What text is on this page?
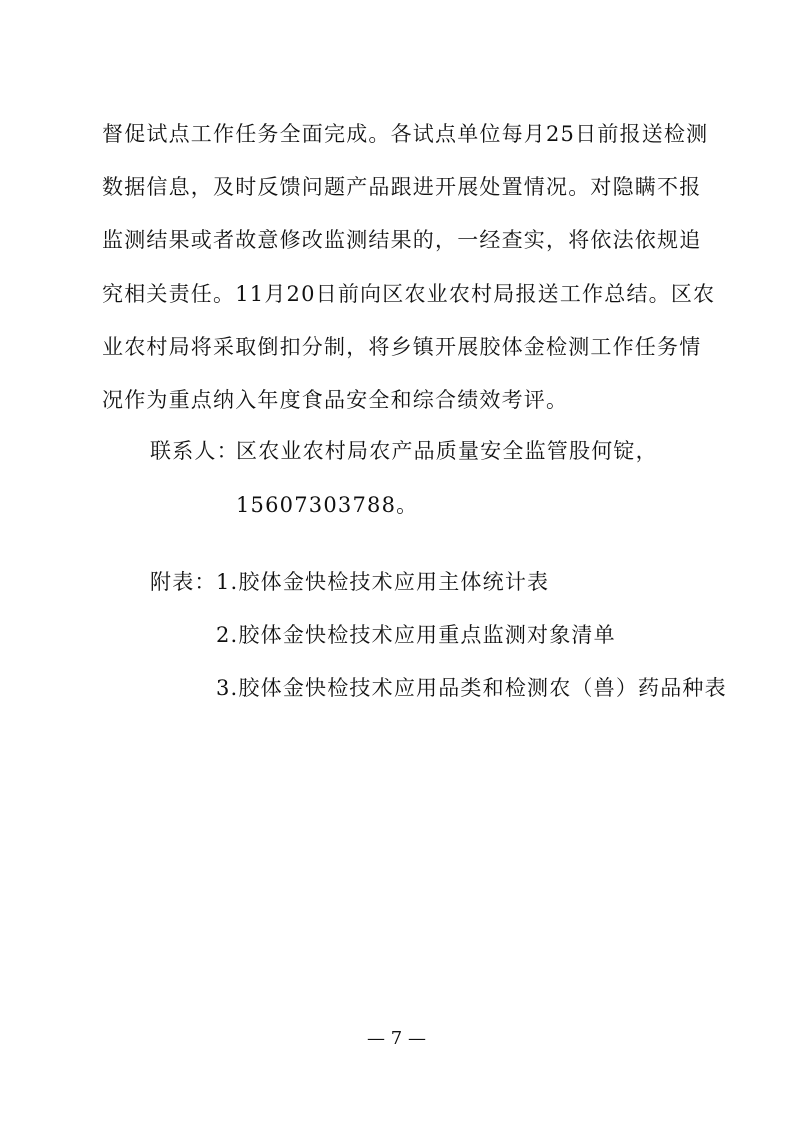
督促试点工作任务全面完成。各试点单位每月25日前报送检测
数据信息，及时反馈问题产品跟进开展处置情况。对隐瞒不报
监测结果或者故意修改监测结果的，一经查实，将依法依规追
究相关责任。11月20日前向区农业农村局报送工作总结。区农
业农村局将采取倒扣分制，将乡镇开展胶体金检测工作任务情
况作为重点纳入年度食品安全和综合绩效考评。
联系人：
区农业农村局农产品质量安全监管股何锭，
15607303788。
附表： 1.胶体金快检技术应用主体统计表
2.胶体金快检技术应用重点监测对象清单
3.胶体金快检技术应用品类和检测农（兽）药品种表
— 7 —
